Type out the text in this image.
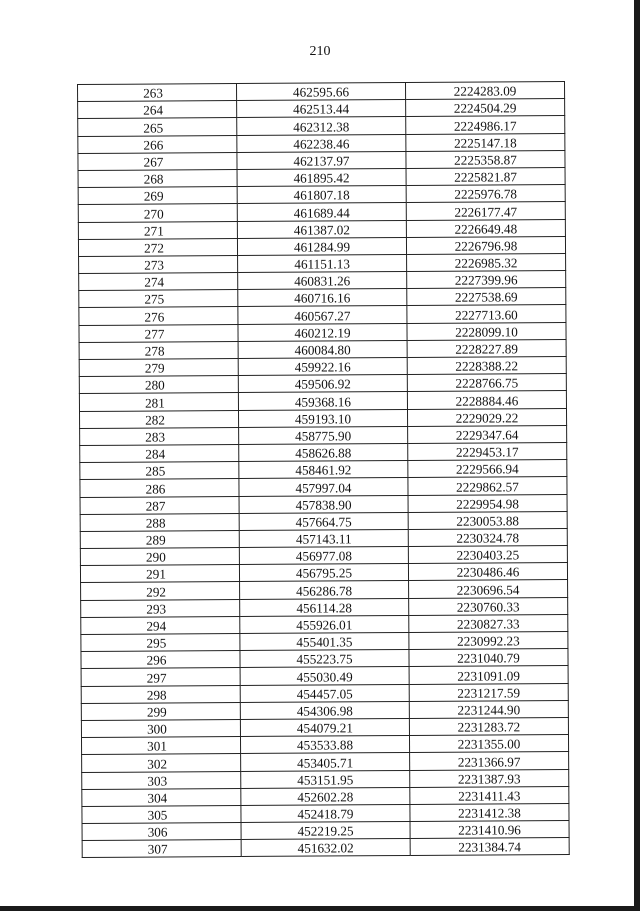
210
263	462595.66	2224283.09
264	462513.44	2224504.29
265	462312.38	2224986.17
266	462238.46	2225147.18
267	462137.97	2225358.87
268	461895.42	2225821.87
269	461807.18	2225976.78
270	461689.44	2226177.47
271	461387.02	2226649.48
272	461284.99	2226796.98
273	461151.13	2226985.32
274	460831.26	2227399.96
275	460716.16	2227538.69
276	460567.27	2227713.60
277	460212.19	2228099.10
278	460084.80	2228227.89
279	459922.16	2228388.22
280	459506.92	2228766.75
281	459368.16	2228884.46
282	459193.10	2229029.22
283	458775.90	2229347.64
284	458626.88	2229453.17
285	458461.92	2229566.94
286	457997.04	2229862.57
287	457838.90	2229954.98
288	457664.75	2230053.88
289	457143.11	2230324.78
290	456977.08	2230403.25
291	456795.25	2230486.46
292	456286.78	2230696.54
293	456114.28	2230760.33
294	455926.01	2230827.33
295	455401.35	2230992.23
296	455223.75	2231040.79
297	455030.49	2231091.09
298	454457.05	2231217.59
299	454306.98	2231244.90
300	454079.21	2231283.72
301	453533.88	2231355.00
302	453405.71	2231366.97
303	453151.95	2231387.93
304	452602.28	2231411.43
305	452418.79	2231412.38
306	452219.25	2231410.96
307	451632.02	2231384.74
